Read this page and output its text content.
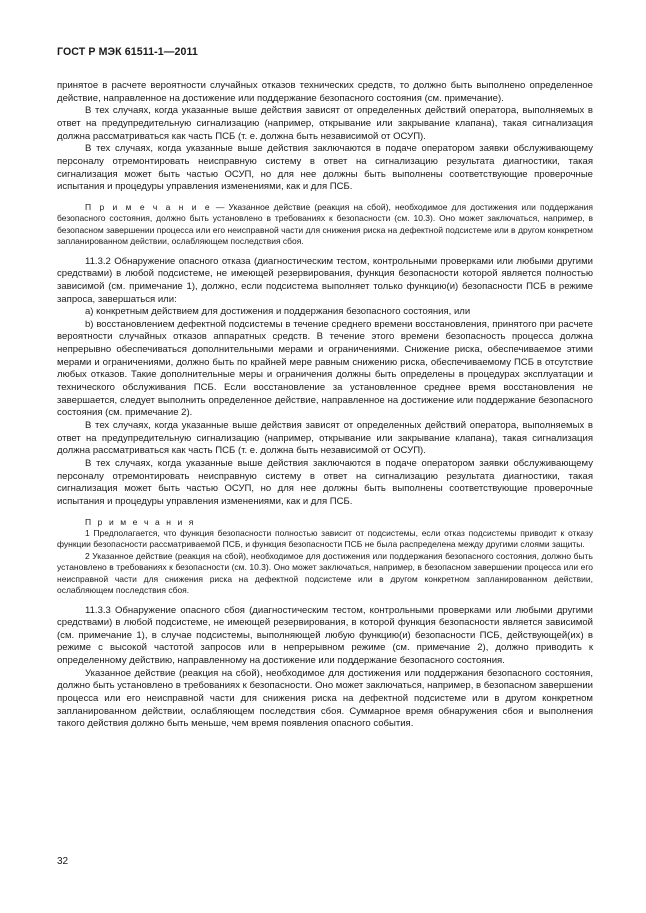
ГОСТ Р МЭК 61511-1—2011

принятое в расчете вероятности случайных отказов технических средств, то должно быть выполнено определенное действие, направленное на достижение или поддержание безопасного состояния (см. примечание).

В тех случаях, когда указанные выше действия зависят от определенных действий оператора, выполняемых в ответ на предупредительную сигнализацию (например, открывание или закрывание клапана), такая сигнализация должна рассматриваться как часть ПСБ (т. е. должна быть независимой от ОСУП).

В тех случаях, когда указанные выше действия заключаются в подаче оператором заявки обслуживающему персоналу отремонтировать неисправную систему в ответ на сигнализацию результата диагностики, такая сигнализация может быть частью ОСУП, но для нее должны быть выполнены соответствующие проверочные испытания и процедуры управления изменениями, как и для ПСБ.

П р и м е ч а н и е — Указанное действие (реакция на сбой), необходимое для достижения или поддержания безопасного состояния, должно быть установлено в требованиях к безопасности (см. 10.3). Оно может заключаться, например, в безопасном завершении процесса или его неисправной части для снижения риска на дефектной подсистеме или в другом конкретном запланированном действии, ослабляющем последствия сбоя.

11.3.2 Обнаружение опасного отказа (диагностическим тестом, контрольными проверками или любыми другими средствами) в любой подсистеме, не имеющей резервирования, функция безопасности которой является полностью зависимой (см. примечание 1), должно, если подсистема выполняет только функцию(и) безопасности ПСБ в режиме запроса, завершаться или:

a) конкретным действием для достижения и поддержания безопасного состояния, или

b) восстановлением дефектной подсистемы в течение среднего времени восстановления, принятого при расчете вероятности случайных отказов аппаратных средств. В течение этого времени безопасность процесса должна непрерывно обеспечиваться дополнительными мерами и ограничениями. Снижение риска, обеспечиваемое этими мерами и ограничениями, должно быть по крайней мере равным снижению риска, обеспечиваемому ПСБ в отсутствие любых отказов. Такие дополнительные меры и ограничения должны быть определены в процедурах эксплуатации и технического обслуживания ПСБ. Если восстановление за установленное среднее время восстановления не завершается, следует выполнить определенное действие, направленное на достижение или поддержание безопасного состояния (см. примечание 2).

В тех случаях, когда указанные выше действия зависят от определенных действий оператора, выполняемых в ответ на предупредительную сигнализацию (например, открывание или закрывание клапана), такая сигнализация должна рассматриваться как часть ПСБ (т. е. должна быть независимой от ОСУП).

В тех случаях, когда указанные выше действия заключаются в подаче оператором заявки обслуживающему персоналу отремонтировать неисправную систему в ответ на сигнализацию результата диагностики, такая сигнализация может быть частью ОСУП, но для нее должны быть выполнены соответствующие проверочные испытания и процедуры управления изменениями, как и для ПСБ.

П р и м е ч а н и я

1 Предполагается, что функция безопасности полностью зависит от подсистемы, если отказ подсистемы приводит к отказу функции безопасности рассматриваемой ПСБ, и функция безопасности ПСБ не была распределена между другими слоями защиты.

2 Указанное действие (реакция на сбой), необходимое для достижения или поддержания безопасного состояния, должно быть установлено в требованиях к безопасности (см. 10.3). Оно может заключаться, например, в безопасном завершении процесса или его неисправной части для снижения риска на дефектной подсистеме или в другом конкретном запланированном действии, ослабляющем последствия сбоя.

11.3.3 Обнаружение опасного сбоя (диагностическим тестом, контрольными проверками или любыми другими средствами) в любой подсистеме, не имеющей резервирования, в которой функция безопасности является зависимой (см. примечание 1), в случае подсистемы, выполняющей любую функцию(и) безопасности ПСБ, действующей(их) в режиме с высокой частотой запросов или в непрерывном режиме (см. примечание 2), должно приводить к определенному действию, направленному на достижение или поддержание безопасного состояния.

Указанное действие (реакция на сбой), необходимое для достижения или поддержания безопасного состояния, должно быть установлено в требованиях к безопасности. Оно может заключаться, например, в безопасном завершении процесса или его неисправной части для снижения риска на дефектной подсистеме или в другом конкретном запланированном действии, ослабляющем последствия сбоя. Суммарное время обнаружения сбоя и выполнения такого действия должно быть меньше, чем время появления опасного события.

32
